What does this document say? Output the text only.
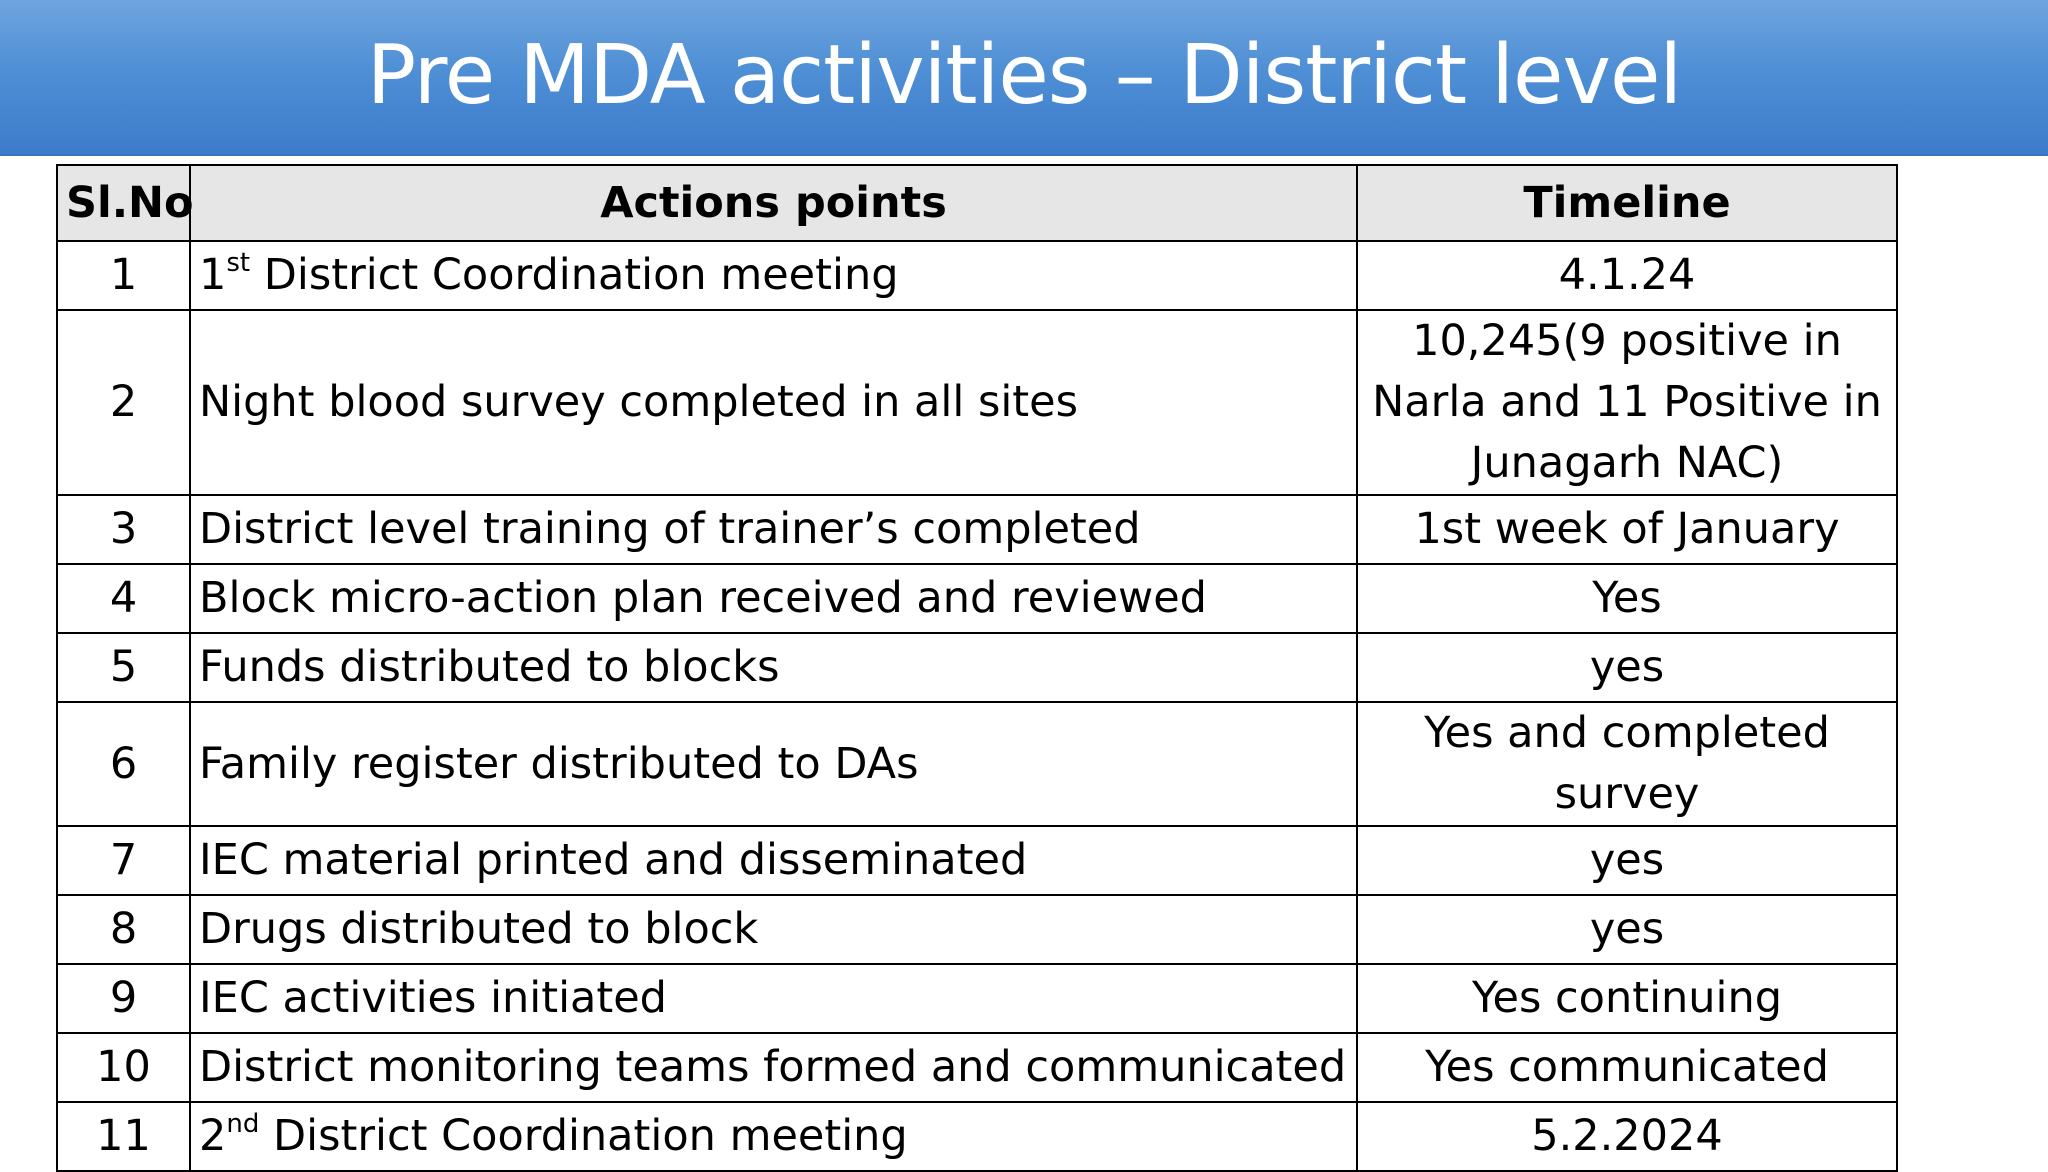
Pre MDA activities – District level
Sl.No	Actions points	Timeline
1	1st District Coordination meeting	4.1.24
2	Night blood survey completed in all sites	10,245(9 positive in
Narla and 11 Positive in
Junagarh NAC)

3	District level training of trainer’s completed	1st week of January
4	Block micro-action plan received and reviewed	Yes
5	Funds distributed to blocks	yes
6	Family register distributed to DAs	Yes and completed
survey

7	IEC material printed and disseminated	yes
8	Drugs distributed to block	yes
9	IEC activities initiated	Yes continuing
10	District monitoring teams formed and communicated	Yes communicated
11	2nd District Coordination meeting	5.2.2024
